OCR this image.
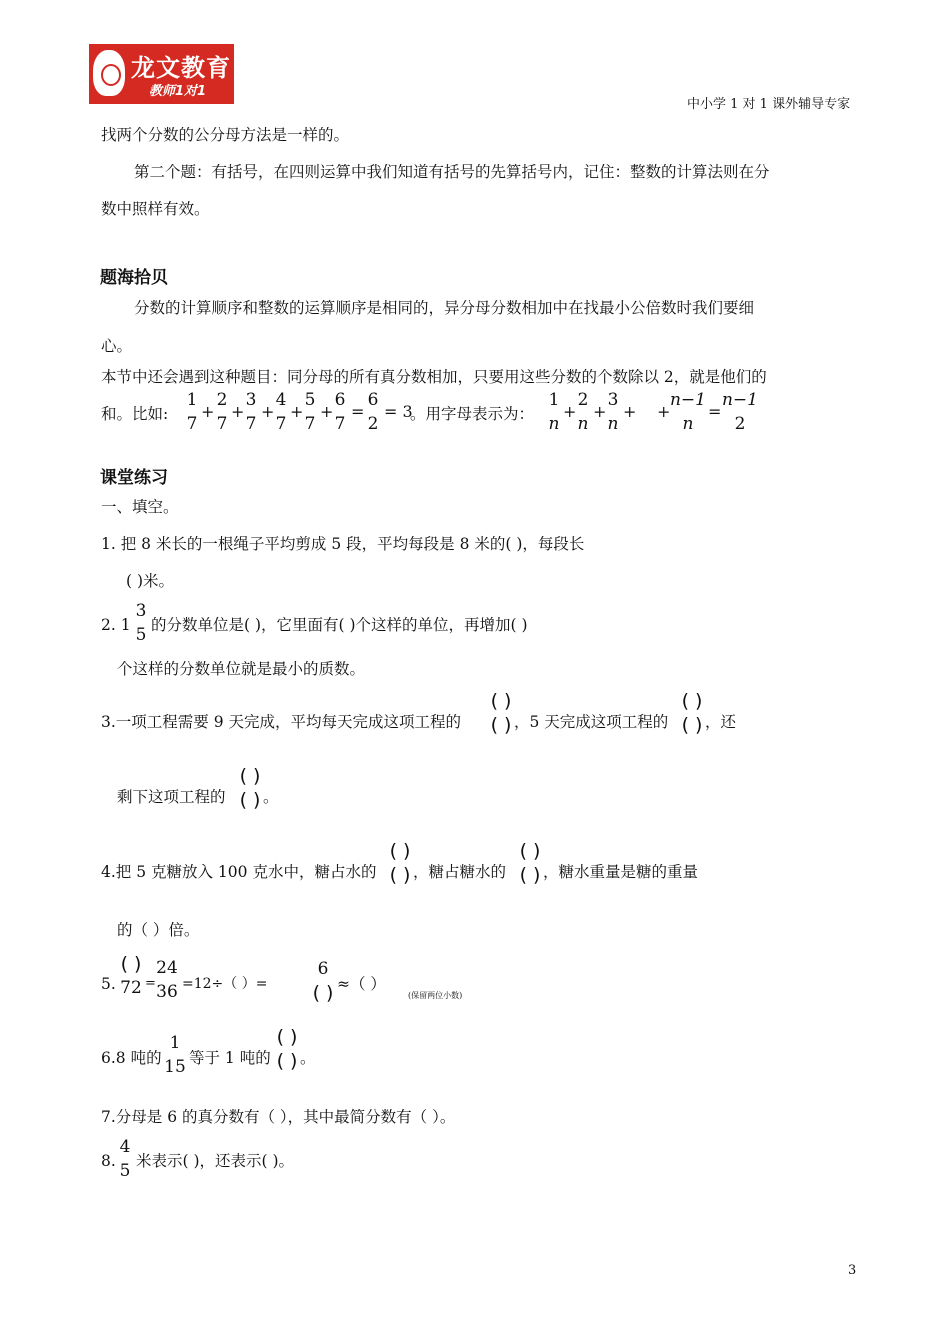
龙文教育
教师1对1
中小学 1 对 1 课外辅导专家
找两个分数的公分母方法是一样的。
第二个题：有括号，在四则运算中我们知道有括号的先算括号内，记住：整数的计算法则在分
数中照样有效。
题海拾贝
分数的计算顺序和整数的运算顺序是相同的，异分母分数相加中在找最小公倍数时我们要细
心。
本节中还会遇到这种题目：同分母的所有真分数相加，只要用这些分数的个数除以 2，就是他们的
和。比如:
1
7
+
2
7
+
3
7
+
4
7
+
5
7
+
6
7
=
6
2
= 3
。用字母表示为：
1
n
+
2
n
+
3
n
+ +
n−1
n
=
n−1
2
课堂练习
一、填空。
1. 把 8 米长的一根绳子平均剪成 5 段，平均每段是 8 米的( )，每段长
( )米。
2. 1
3
5 的分数单位是( )，它里面有( )个这样的单位，再增加( )
个这样的分数单位就是最小的质数。
3.一项工程需要 9 天完成，平均每天完成这项工程的
( )
( ) ，5 天完成这项工程的
( )
( ) ，还
剩下这项工程的
( )
( ) 。
4.把 5 克糖放入 100 克水中，糖占水的
( )
( ) ，糖占糖水的
( )
( ) ，糖水重量是糖的重量
的（ ）倍。
5.
( )
72 =
24
36 =12÷（ ）=
6
( ) ≈（ ）
(保留两位小数)
6.8 吨的
1
15 等于 1 吨的
( )
( ) 。
7.分母是 6 的真分数有（ ），其中最简分数有（ ）。
8.
4
5 米表示( )，还表示( )。
3
